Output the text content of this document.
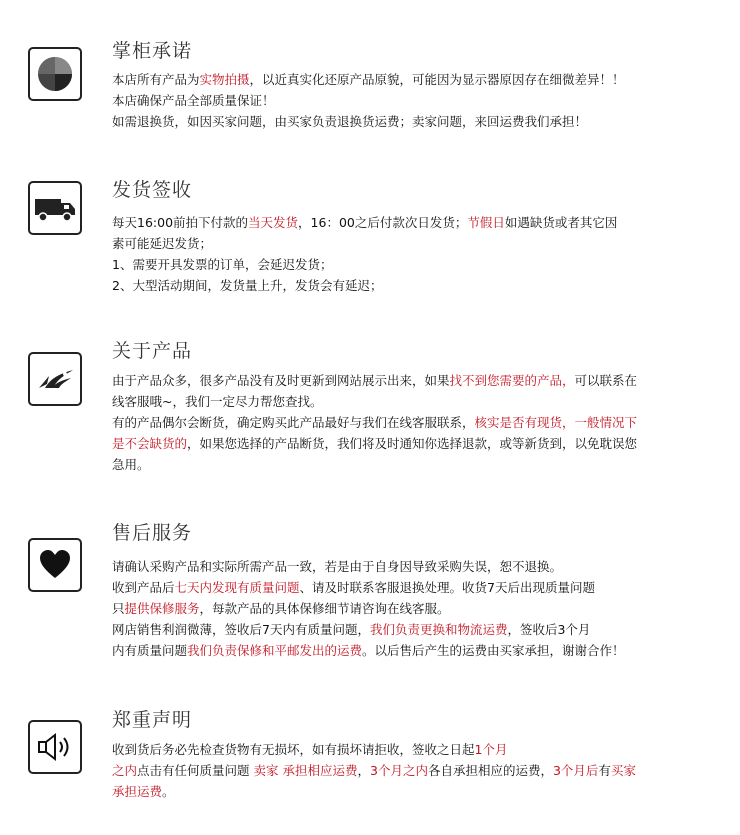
掌柜承诺

本店所有产品为实物拍摄，以近真实化还原产品原貌，可能因为显示器原因存在细微差异！！

本店确保产品全部质量保证！

如需退换货，如因买家问题，由买家负责退换货运费；卖家问题，来回运费我们承担！

发货签收

每天16:00前拍下付款的当天发货，16：00之后付款次日发货；节假日如遇缺货或者其它因

素可能延迟发货；

1、需要开具发票的订单，会延迟发货；

2、大型活动期间，发货量上升，发货会有延迟；

关于产品

由于产品众多，很多产品没有及时更新到网站展示出来，如果找不到您需要的产品，可以联系在

线客服哦~，我们一定尽力帮您查找。

有的产品偶尔会断货，确定购买此产品最好与我们在线客服联系，核实是否有现货，一般情况下

是不会缺货的，如果您选择的产品断货，我们将及时通知你选择退款，或等新货到，以免耽误您

急用。

售后服务

请确认采购产品和实际所需产品一致，若是由于自身因导致采购失误，恕不退换。

收到产品后七天内发现有质量问题、请及时联系客服退换处理。收货7天后出现质量问题

只提供保修服务，每款产品的具体保修细节请咨询在线客服。

网店销售利润微薄，签收后7天内有质量问题，我们负责更换和物流运费，签收后3个月

内有质量问题我们负责保修和平邮发出的运费。以后售后产生的运费由买家承担，谢谢合作！

郑重声明

收到货后务必先检查货物有无损坏，如有损坏请拒收，签收之日起1个月

之内点击有任何质量问题 卖家 承担相应运费，3个月之内各自承担相应的运费，3个月后有买家

承担运费。
